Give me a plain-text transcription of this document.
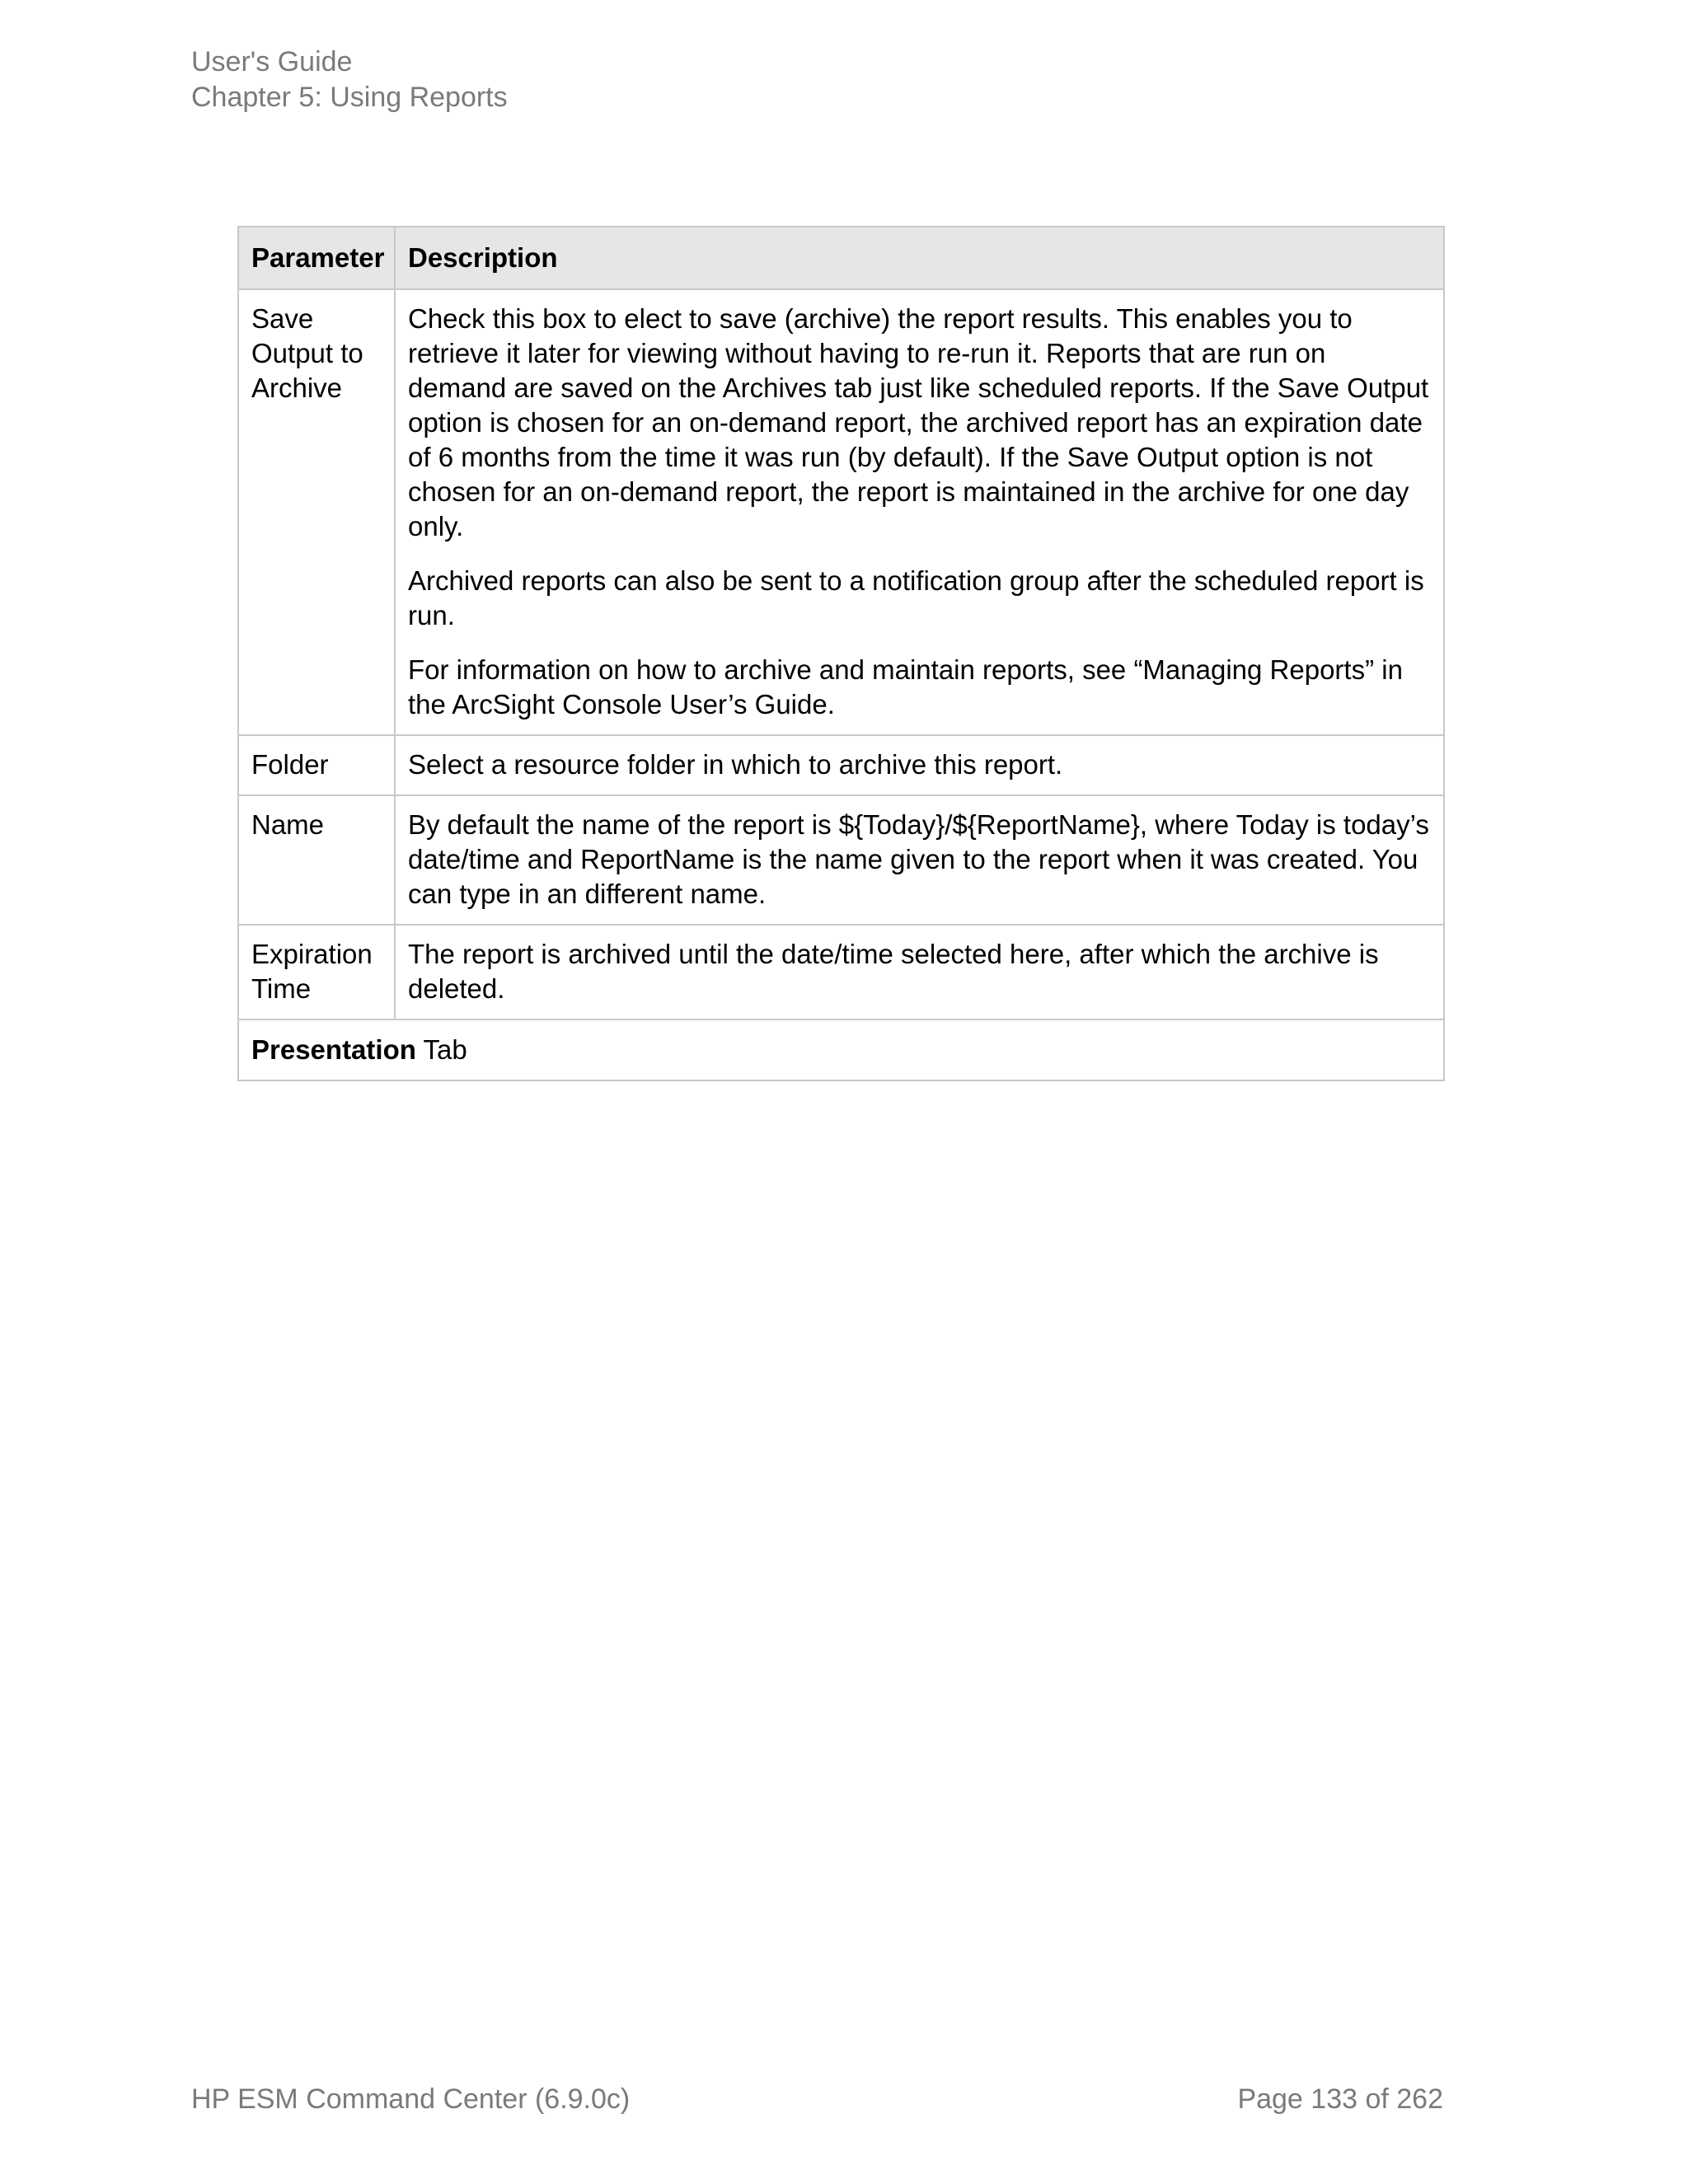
User's Guide
Chapter 5: Using Reports
Parameter	Description
Save Output to Archive	Check this box to elect to save (archive) the report results. This enables you to retrieve it later for viewing without having to re-run it. Reports that are run on demand are saved on the Archives tab just like scheduled reports. If the Save Output option is chosen for an on-demand report, the archived report has an expiration date of 6 months from the time it was run (by default). If the Save Output option is not chosen for an on-demand report, the report is maintained in the archive for one day only.

Archived reports can also be sent to a notification group after the scheduled report is run.

For information on how to archive and maintain reports, see “Managing Reports” in the ArcSight Console User’s Guide.

Folder	Select a resource folder in which to archive this report.

Name	By default the name of the report is ${Today}/${ReportName}, where Today is today’s date/time and ReportName is the name given to the report when it was created. You can type in an different name.

Expiration Time	The report is archived until the date/time selected here, after which the archive is deleted.

Presentation Tab	
HP ESM Command Center (6.9.0c)	Page 133 of 262
